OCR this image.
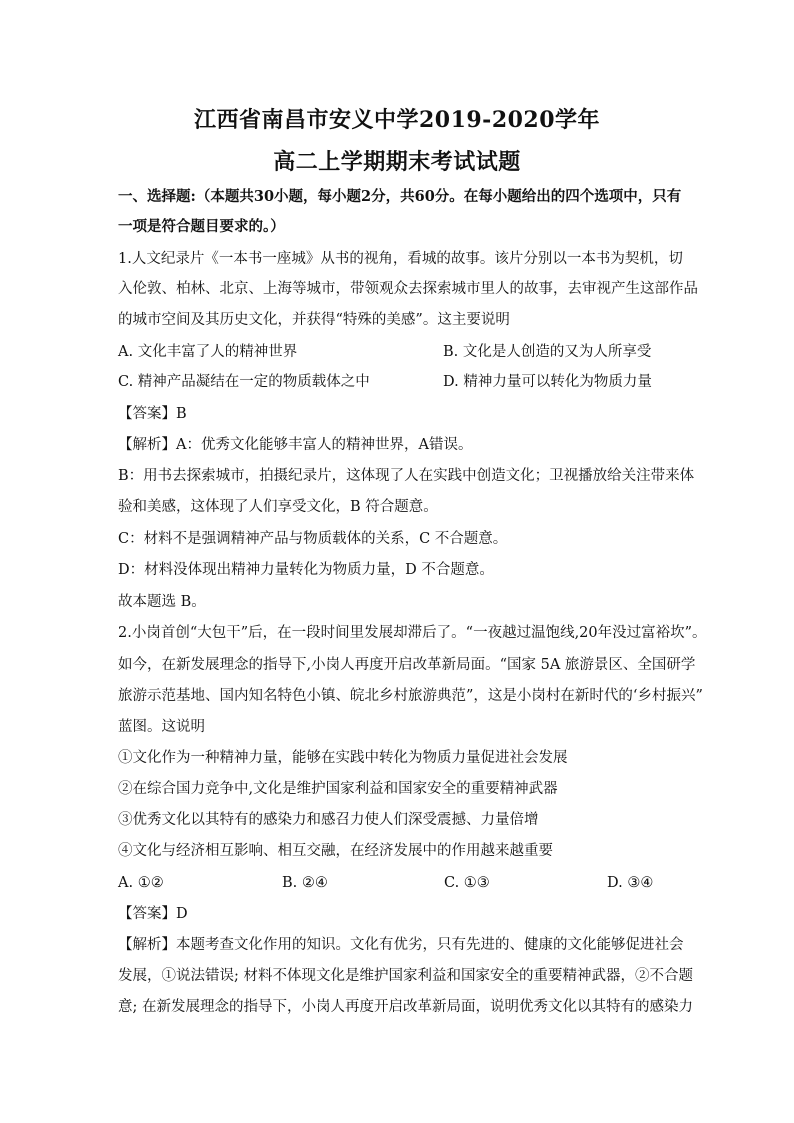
江西省南昌市安义中学2019-2020学年
高二上学期期末考试试题
一、选择题:（本题共30小题，每小题2分，共60分。在每小题给出的四个选项中，只有
一项是符合题目要求的。）
1.人文纪录片《一本书一座城》从书的视角，看城的故事。该片分别以一本书为契机，切
入伦敦、柏林、北京、上海等城市，带领观众去探索城市里人的故事，去审视产生这部作品
的城市空间及其历史文化，并获得“特殊的美感”。这主要说明
A. 文化丰富了人的精神世界	B. 文化是人创造的又为人所享受
C. 精神产品凝结在一定的物质载体之中	D. 精神力量可以转化为物质力量
【答案】B
【解析】A：优秀文化能够丰富人的精神世界，A错误。
B：用书去探索城市，拍摄纪录片，这体现了人在实践中创造文化；卫视播放给关注带来体
验和美感，这体现了人们享受文化，B 符合题意。
C：材料不是强调精神产品与物质载体的关系，C 不合题意。
D：材料没体现出精神力量转化为物质力量，D 不合题意。
故本题选 B。
2.小岗首创“大包干”后，在一段时间里发展却滞后了。“一夜越过温饱线,20年没过富裕坎”。
如今，在新发展理念的指导下,小岗人再度开启改革新局面。“国家 5A 旅游景区、全国研学
旅游示范基地、国内知名特色小镇、皖北乡村旅游典范”，这是小岗村在新时代的‘乡村振兴”
蓝图。这说明
①文化作为一种精神力量，能够在实践中转化为物质力量促进社会发展
②在综合国力竞争中,文化是维护国家利益和国家安全的重要精神武器
③优秀文化以其特有的感染力和感召力使人们深受震撼、力量倍增
④文化与经济相互影响、相互交融，在经济发展中的作用越来越重要
A. ①②	B. ②④	C. ①③	D. ③④
【答案】D
【解析】本题考查文化作用的知识。文化有优劣，只有先进的、健康的文化能够促进社会
发展，①说法错误; 材料不体现文化是维护国家利益和国家安全的重要精神武器，②不合题
意; 在新发展理念的指导下，小岗人再度开启改革新局面，说明优秀文化以其特有的感染力
